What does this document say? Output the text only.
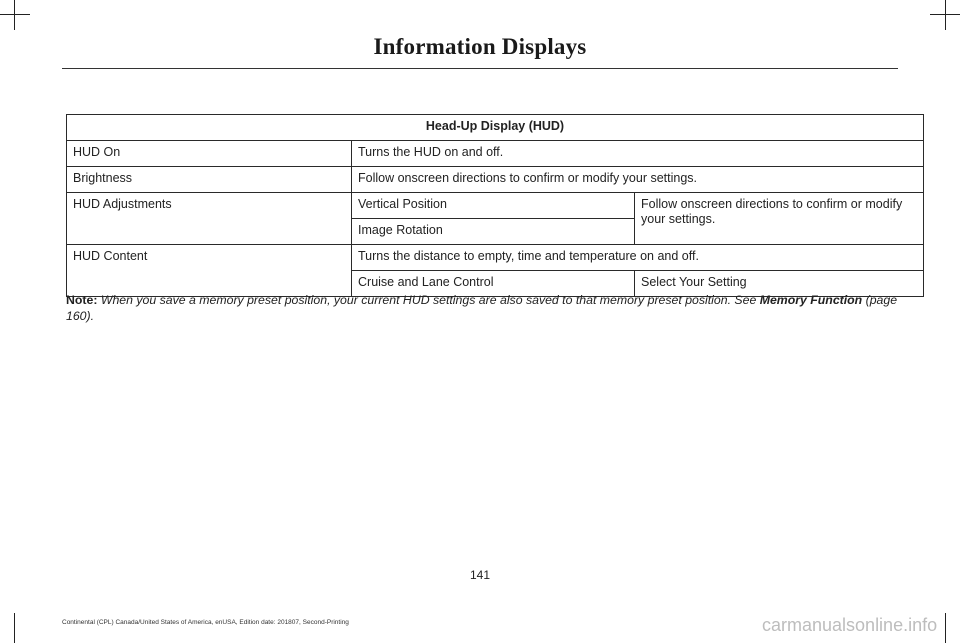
Information Displays
Head-Up Display (HUD)		
HUD On	Turns the HUD on and off.	
Brightness	Follow onscreen directions to confirm or modify your settings.	
HUD Adjustments	Vertical Position	Follow onscreen directions to confirm or modify your settings.
	Image Rotation	
HUD Content	Turns the distance to empty, time and temperature on and off.	
	Cruise and Lane Control	Select Your Setting
Note: When you save a memory preset position, your current HUD settings are also saved to that memory preset position. See Memory Function (page 160).
141
Continental (CPL) Canada/United States of America, enUSA, Edition date: 201807, Second-Printing	carmanualsonline.info
